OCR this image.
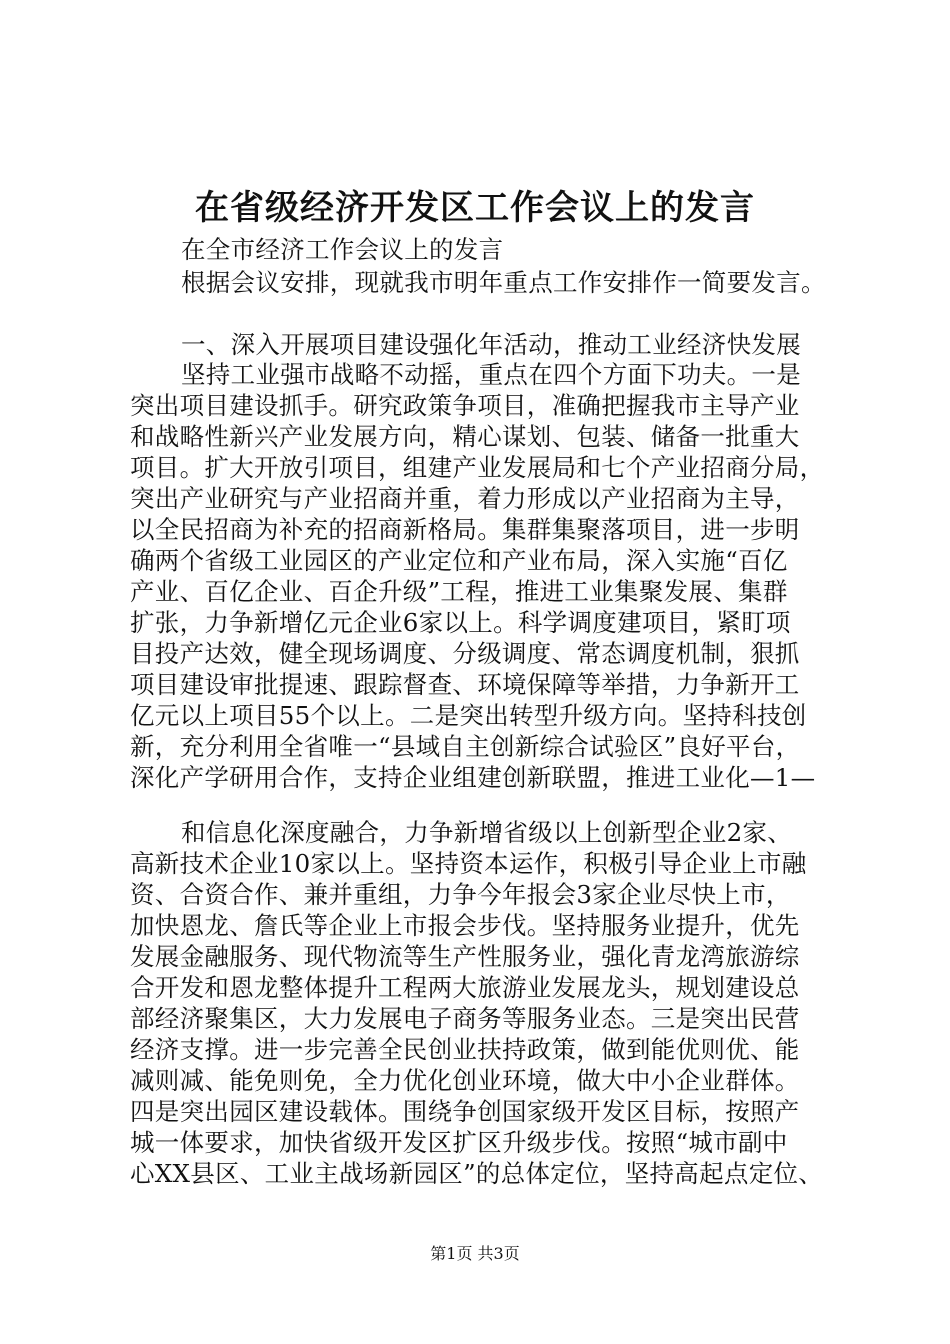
在省级经济开发区工作会议上的发言
在全市经济工作会议上的发言
根据会议安排，现就我市明年重点工作安排作一简要发言。
一、深入开展项目建设强化年活动，推动工业经济快发展
坚持工业强市战略不动摇，重点在四个方面下功夫。一是
突出项目建设抓手。研究政策争项目，准确把握我市主导产业
和战略性新兴产业发展方向，精心谋划、包装、储备一批重大
项目。扩大开放引项目，组建产业发展局和七个产业招商分局，
突出产业研究与产业招商并重，着力形成以产业招商为主导，
以全民招商为补充的招商新格局。集群集聚落项目，进一步明
确两个省级工业园区的产业定位和产业布局，深入实施“百亿
产业、百亿企业、百企升级”工程，推进工业集聚发展、集群
扩张，力争新增亿元企业6家以上。科学调度建项目，紧盯项
目投产达效，健全现场调度、分级调度、常态调度机制，狠抓
项目建设审批提速、跟踪督查、环境保障等举措，力争新开工
亿元以上项目55个以上。二是突出转型升级方向。坚持科技创
新，充分利用全省唯一“县域自主创新综合试验区”良好平台，
深化产学研用合作，支持企业组建创新联盟，推进工业化—1—
和信息化深度融合，力争新增省级以上创新型企业2家、
高新技术企业10家以上。坚持资本运作，积极引导企业上市融
资、合资合作、兼并重组，力争今年报会3家企业尽快上市，
加快恩龙、詹氏等企业上市报会步伐。坚持服务业提升，优先
发展金融服务、现代物流等生产性服务业，强化青龙湾旅游综
合开发和恩龙整体提升工程两大旅游业发展龙头，规划建设总
部经济聚集区，大力发展电子商务等服务业态。三是突出民营
经济支撑。进一步完善全民创业扶持政策，做到能优则优、能
减则减、能免则免，全力优化创业环境，做大中小企业群体。
四是突出园区建设载体。围绕争创国家级开发区目标，按照产
城一体要求，加快省级开发区扩区升级步伐。按照“城市副中
心XX县区、工业主战场新园区”的总体定位，坚持高起点定位、
第1页 共3页
